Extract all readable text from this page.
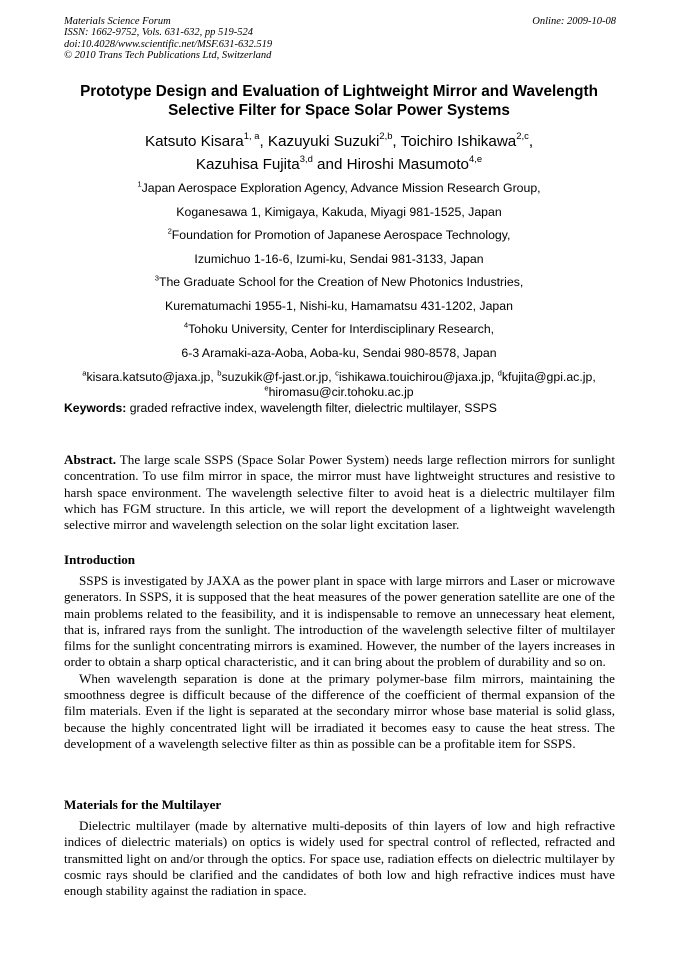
Materials Science Forum
ISSN: 1662-9752, Vols. 631-632, pp 519-524
doi:10.4028/www.scientific.net/MSF.631-632.519
© 2010 Trans Tech Publications Ltd, Switzerland
Online: 2009-10-08
Prototype Design and Evaluation of Lightweight Mirror and Wavelength
Selective Filter for Space Solar Power Systems
Katsuto Kisara$^{1, a}$, Kazuyuki Suzuki$^{2,b}$, Toichiro Ishikawa$^{2,c}$,
Kazuhisa Fujita$^{3,d}$ and Hiroshi Masumoto$^{4,e}$
$^1$Japan Aerospace Exploration Agency, Advance Mission Research Group,
Koganesawa 1, Kimigaya, Kakuda, Miyagi 981-1525, Japan
$^2$Foundation for Promotion of Japanese Aerospace Technology,
Izumichuo 1-16-6, Izumi-ku, Sendai 981-3133, Japan
$^3$The Graduate School for the Creation of New Photonics Industries,
Kurematumachi 1955-1, Nishi-ku, Hamamatsu 431-1202, Japan
$^4$Tohoku University, Center for Interdisciplinary Research,
6-3 Aramaki-aza-Aoba, Aoba-ku, Sendai 980-8578, Japan
$^a$kisara.katsuto@jaxa.jp, $^b$suzukik@f-jast.or.jp, $^c$ishikawa.touichirou@jaxa.jp, $^d$kfujita@gpi.ac.jp,
$^e$hiromasu@cir.tohoku.ac.jp
Keywords: graded refractive index, wavelength filter, dielectric multilayer, SSPS

Abstract. The large scale SSPS (Space Solar Power System) needs large reflection mirrors for sunlight concentration. To use film mirror in space, the mirror must have lightweight structures and resistive to harsh space environment. The wavelength selective filter to avoid heat is a dielectric multilayer film which has FGM structure. In this article, we will report the development of a lightweight wavelength selective mirror and wavelength selection on the solar light excitation laser.

Introduction

SSPS is investigated by JAXA as the power plant in space with large mirrors and Laser or microwave generators. In SSPS, it is supposed that the heat measures of the power generation satellite are one of the main problems related to the feasibility, and it is indispensable to remove an unnecessary heat element, that is, infrared rays from the sunlight. The introduction of the wavelength selective filter of multilayer films for the sunlight concentrating mirrors is examined. However, the number of the layers increases in order to obtain a sharp optical characteristic, and it can bring about the problem of durability and so on.

When wavelength separation is done at the primary polymer-base film mirrors, maintaining the smoothness degree is difficult because of the difference of the coefficient of thermal expansion of the film materials. Even if the light is separated at the secondary mirror whose base material is solid glass, because the highly concentrated light will be irradiated it becomes easy to cause the heat stress. The development of a wavelength selective filter as thin as possible can be a profitable item for SSPS.

Materials for the Multilayer

Dielectric multilayer (made by alternative multi-deposits of thin layers of low and high refractive indices of dielectric materials) on optics is widely used for spectral control of reflected, refracted and transmitted light on and/or through the optics. For space use, radiation effects on dielectric multilayer by cosmic rays should be clarified and the candidates of both low and high refractive indices must have enough stability against the radiation in space.
